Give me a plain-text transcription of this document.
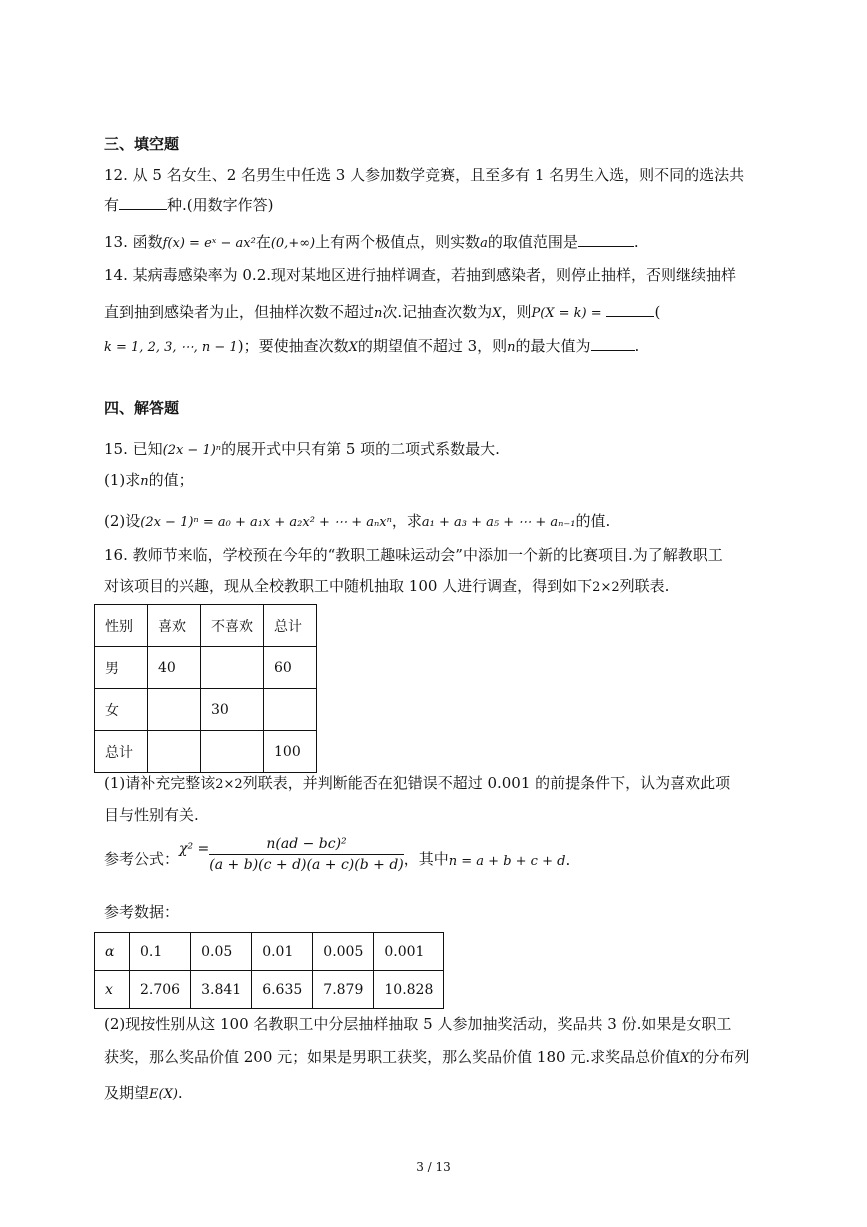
三、填空题
12. 从 5 名女生、2 名男生中任选 3 人参加数学竞赛，且至多有 1 名男生入选，则不同的选法共
有	种.(用数字作答)
13. 函数f(x) = eˣ − ax²在(0,+∞)上有两个极值点，则实数a的取值范围是	.
14. 某病毒感染率为 0.2.现对某地区进行抽样调查，若抽到感染者，则停止抽样，否则继续抽样
直到抽到感染者为止，但抽样次数不超过n次.记抽查次数为X，则P(X = k) =	(
k = 1, 2, 3, ⋯, n − 1)；要使抽查次数X的期望值不超过 3，则n的最大值为	.
四、解答题
15. 已知(2x − 1)ⁿ的展开式中只有第 5 项的二项式系数最大.
(1)求n的值；
(2)设(2x − 1)ⁿ = a₀ + a₁x + a₂x² + ⋯ + aₙxⁿ，求a₁ + a₃ + a₅ + ⋯ + aₙ₋₁的值.
16. 教师节来临，学校预在今年的“教职工趣味运动会”中添加一个新的比赛项目.为了解教职工
对该项目的兴趣，现从全校教职工中随机抽取 100 人进行调查，得到如下2×2列联表.
性别	喜欢	不喜欢	总计
男	40		60
女		30	
总计			100
(1)请补充完整该2×2列联表，并判断能否在犯错误不超过 0.001 的前提条件下，认为喜欢此项
目与性别有关.
参考公式：$\chi^2 = \frac{\text{n(ad − bc)²}}{(a + b)(c + d)(a + c)(b + d)}$ ，其中n = a + b + c + d.
参考数据：
α	0.1	0.05	0.01	0.005	0.001
x	2.706	3.841	6.635	7.879	10.828
(2)现按性别从这 100 名教职工中分层抽样抽取 5 人参加抽奖活动，奖品共 3 份.如果是女职工
获奖，那么奖品价值 200 元；如果是男职工获奖，那么奖品价值 180 元.求奖品总价值X的分布列
及期望E(X).
3 / 13
